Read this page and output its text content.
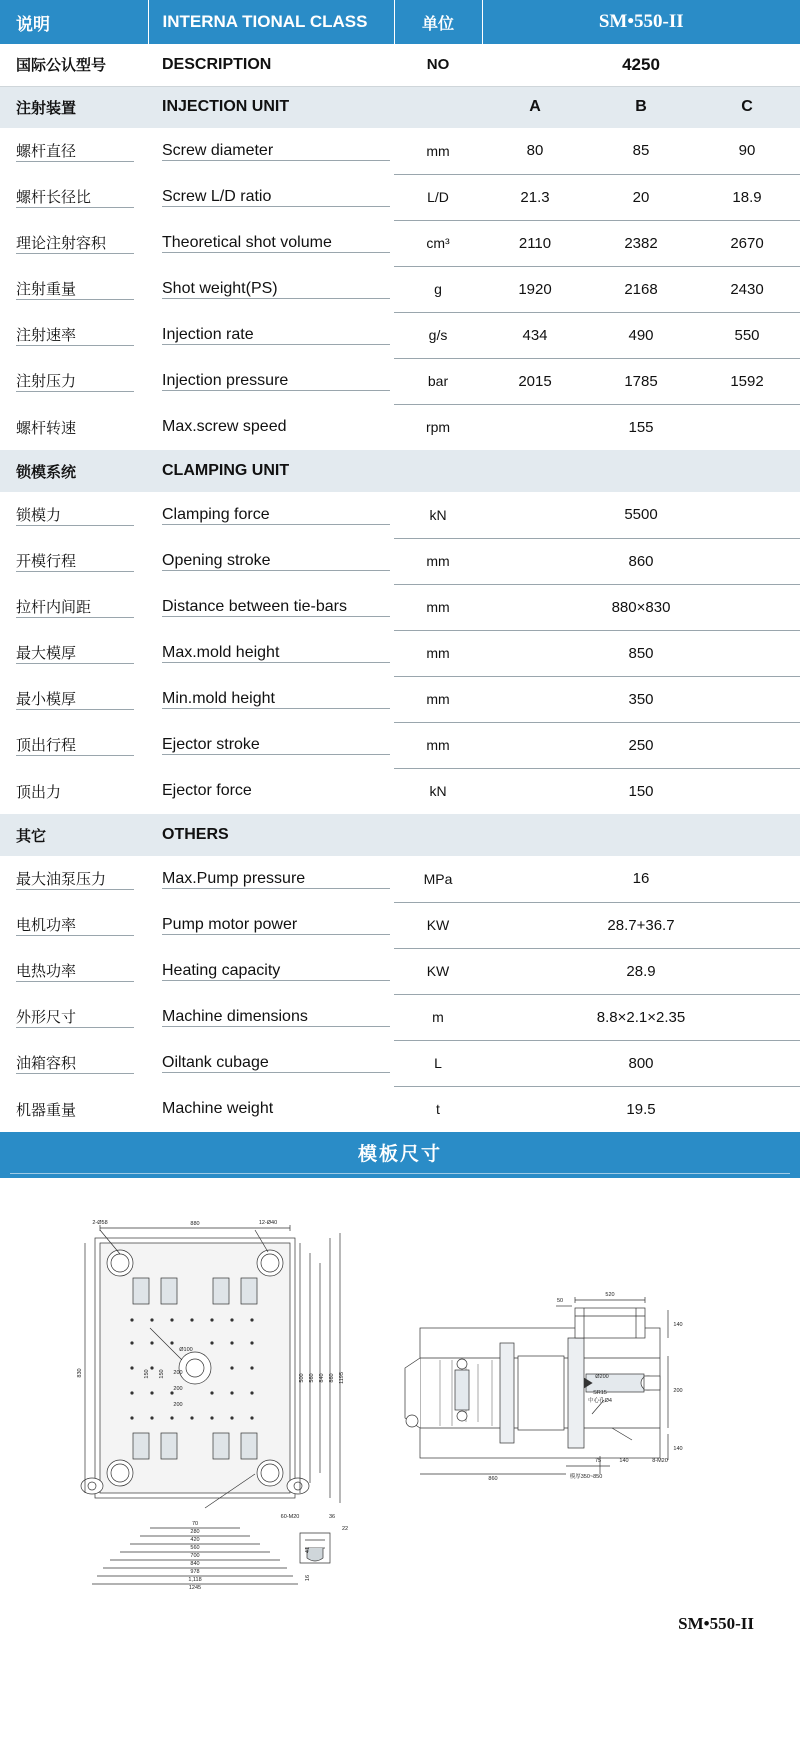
说明	INTERNA TIONAL CLASS	单位	SM•550-II		
国际公认型号	DESCRIPTION	NO	4250		
注射装置	INJECTION UNIT		A	B	C

螺杆直径	Screw diameter	mm	80	85	90

螺杆长径比	Screw L/D ratio	L/D	21.3	20	18.9

理论注射容积	Theoretical shot volume	cm³	2110	2382	2670

注射重量	Shot weight(PS)	g	1920	2168	2430

注射速率	Injection rate	g/s	434	490	550

注射压力	Injection pressure	bar	2015	1785	1592

螺杆转速	Max.screw speed	rpm	155		
锁模系统	CLAMPING UNIT				

锁模力	Clamping force	kN	5500		

开模行程	Opening stroke	mm	860		

拉杆内间距	Distance between tie-bars	mm	880×830		

最大模厚	Max.mold height	mm	850		

最小模厚	Min.mold height	mm	350		

顶出行程	Ejector stroke	mm	250		

顶出力	Ejector force	kN	150		
其它	OTHERS				

最大油泵压力	Max.Pump pressure	MPa	16		

电机功率	Pump motor power	KW	28.7+36.7		

电热功率	Heating capacity	KW	28.9		

外形尺寸	Machine dimensions	m	8.8×2.1×2.35		

油箱容积	Oiltank cubage	L	800		

机器重量	Machine weight	t	19.5		
模板尺寸
2-Ø58	880	12-Ø40
70
280
420
560
700
840
978
1,118
1245
Ø100
200
200
200
60-M20	36
22
830	150 150	500 560 840 860 1195
41
16
520
50
140
200
140
Ø200
SR15
中心孔Ø4
860	模厚350~850
75	140	8-M20
SM•550-II
